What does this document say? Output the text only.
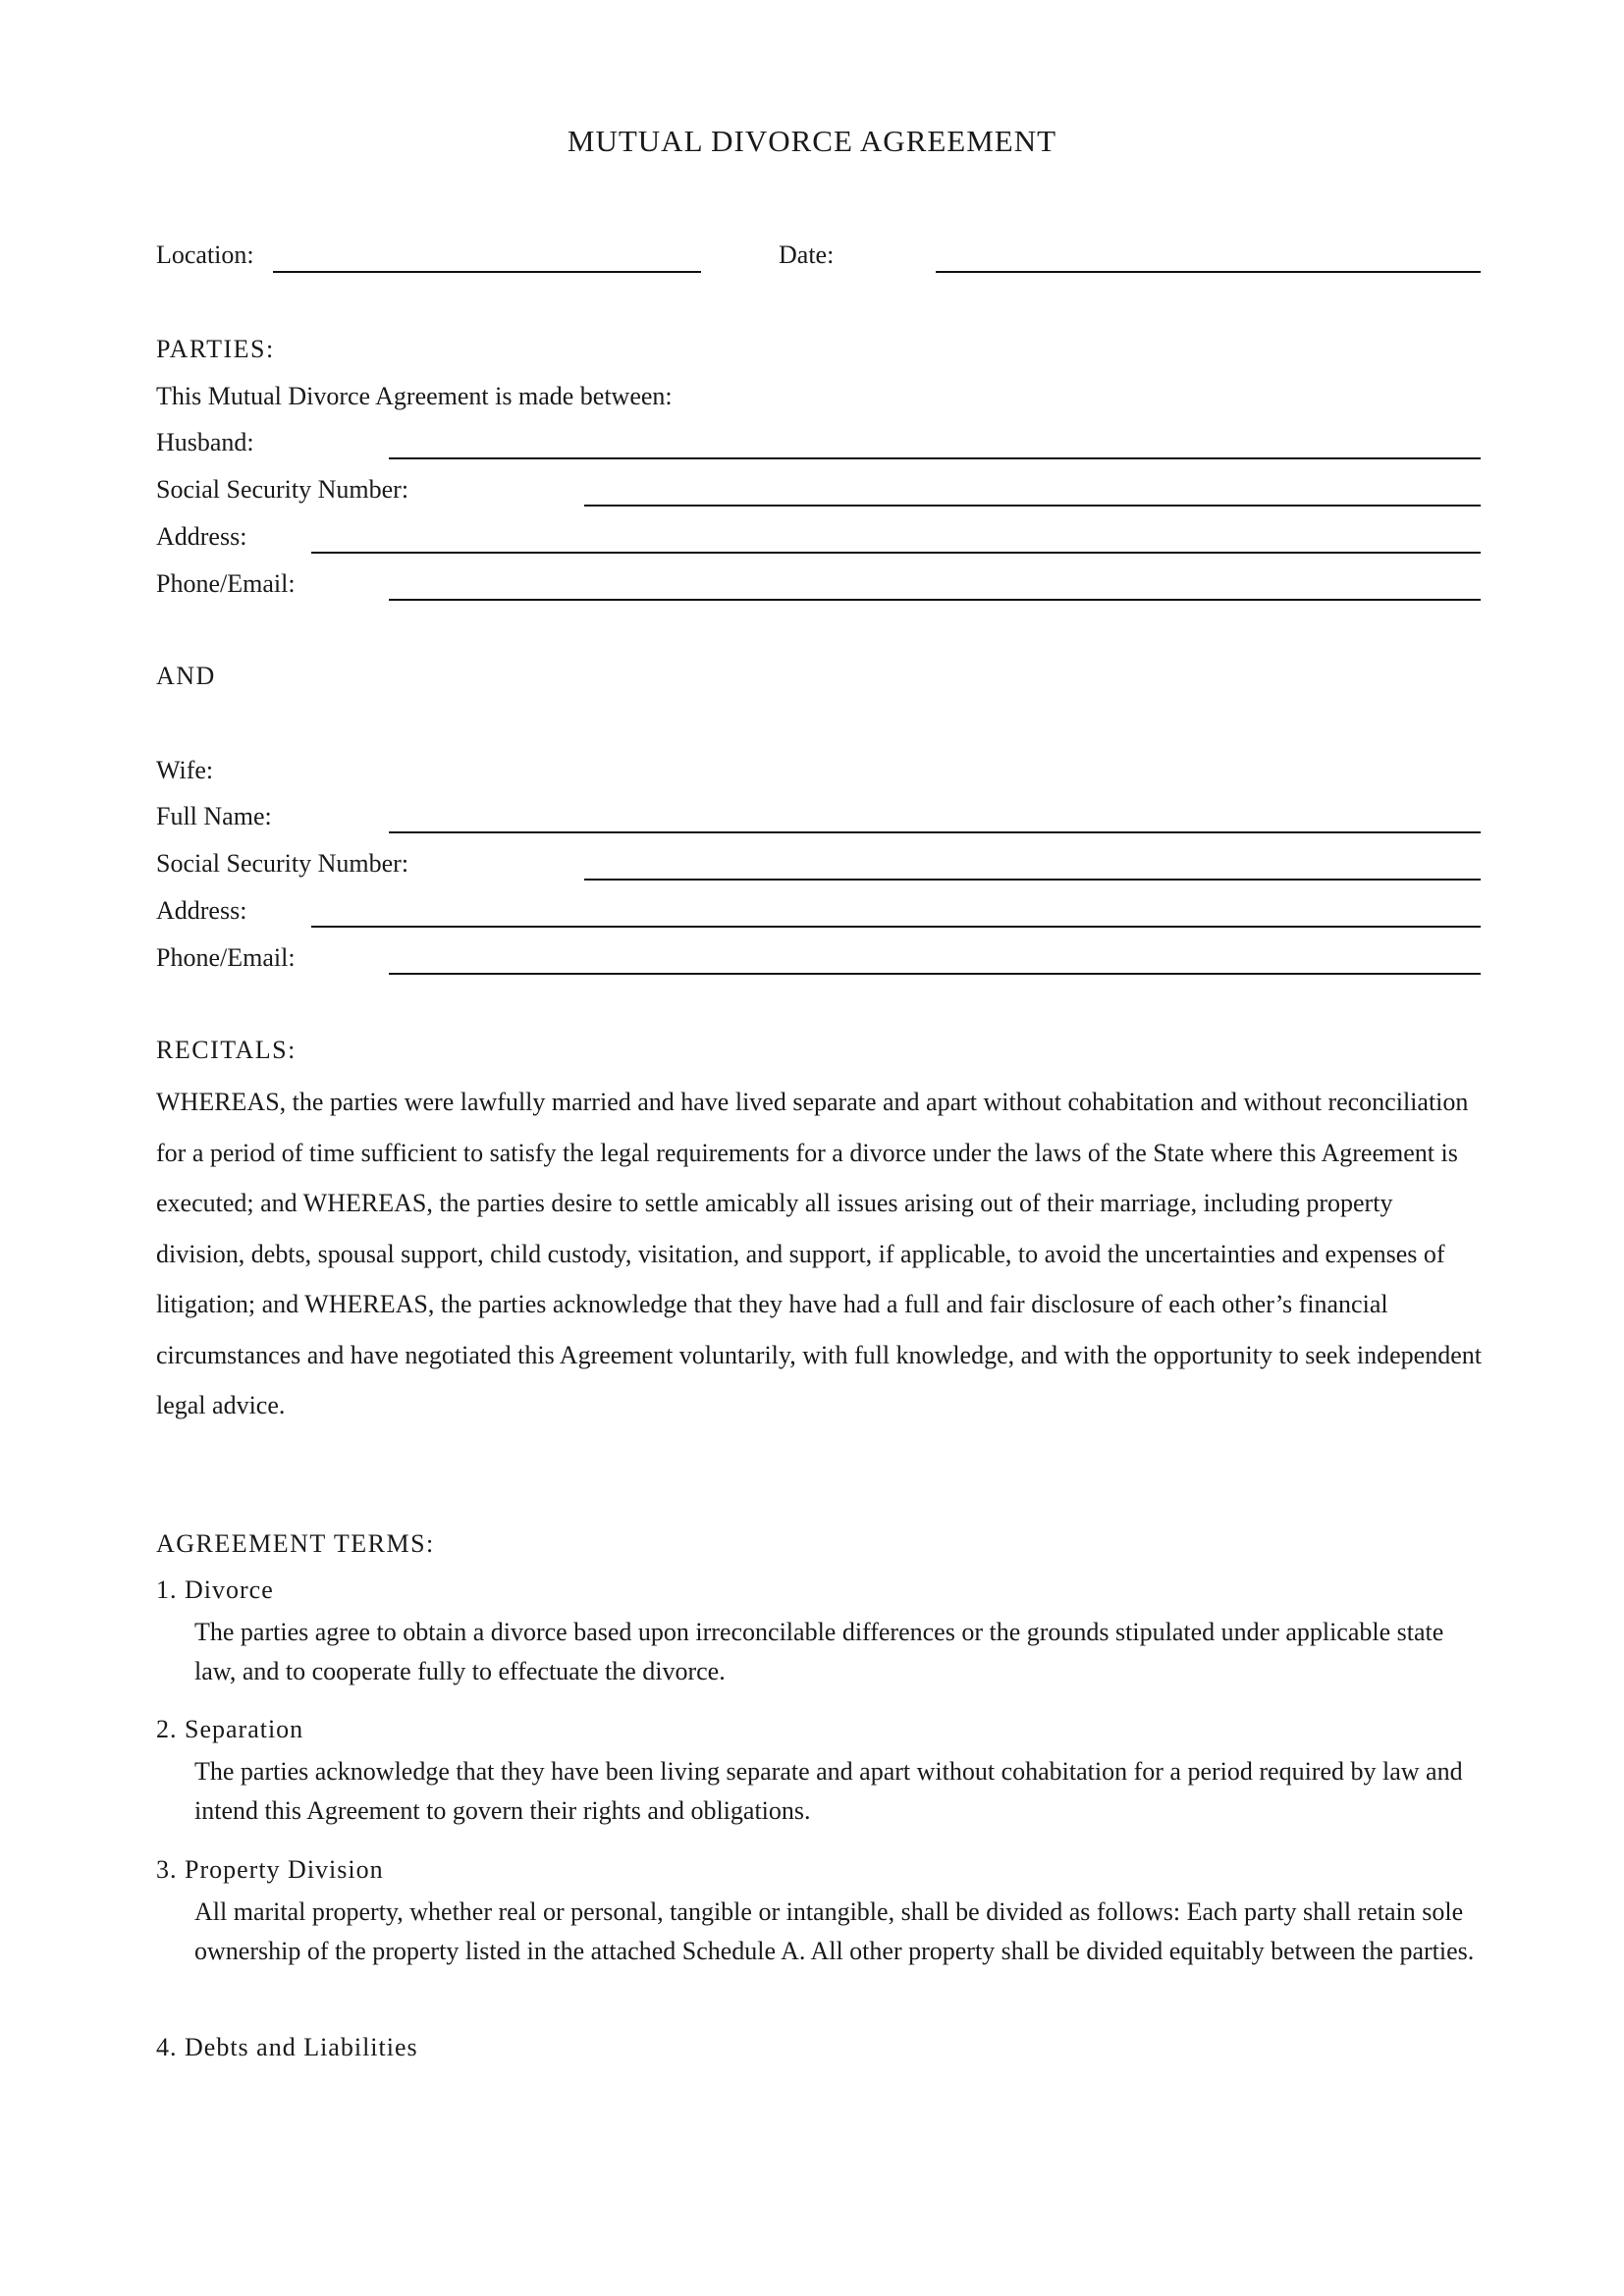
MUTUAL DIVORCE AGREEMENT
Location:	Date:
PARTIES:
This Mutual Divorce Agreement is made between:
Husband:
Social Security Number:
Address:
Phone/Email:
AND
Wife:
Full Name:
Social Security Number:
Address:
Phone/Email:
RECITALS:
WHEREAS, the parties were lawfully married and have lived separate and apart without cohabitation and without reconciliation for a period of time sufficient to satisfy the legal requirements for a divorce under the laws of the State where this Agreement is executed; and WHEREAS, the parties desire to settle amicably all issues arising out of their marriage, including property division, debts, spousal support, child custody, visitation, and support, if applicable, to avoid the uncertainties and expenses of litigation; and WHEREAS, the parties acknowledge that they have had a full and fair disclosure of each other’s financial circumstances and have negotiated this Agreement voluntarily, with full knowledge, and with the opportunity to seek independent legal advice.
AGREEMENT TERMS:
1. Divorce
The parties agree to obtain a divorce based upon irreconcilable differences or the grounds stipulated under applicable state law, and to cooperate fully to effectuate the divorce.
2. Separation
The parties acknowledge that they have been living separate and apart without cohabitation for a period required by law and intend this Agreement to govern their rights and obligations.
3. Property Division
All marital property, whether real or personal, tangible or intangible, shall be divided as follows: Each party shall retain sole ownership of the property listed in the attached Schedule A. All other property shall be divided equitably between the parties.
4. Debts and Liabilities
